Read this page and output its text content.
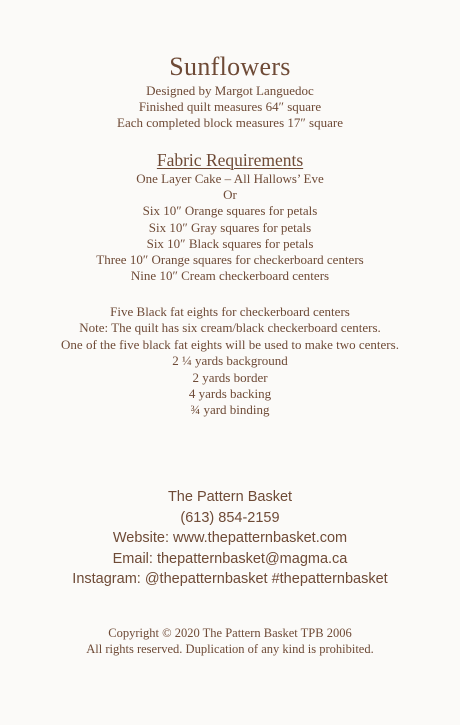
Sunflowers
Designed by Margot Languedoc
Finished quilt measures 64″ square
Each completed block measures 17″ square
Fabric Requirements
One Layer Cake – All Hallows’ Eve
Or
Six 10″ Orange squares for petals
Six 10″ Gray squares for petals
Six 10″ Black squares for petals
Three 10″ Orange squares for checkerboard centers
Nine 10″ Cream checkerboard centers
Five Black fat eights for checkerboard centers
Note: The quilt has six cream/black checkerboard centers.
One of the five black fat eights will be used to make two centers.
2 ¼ yards background
2 yards border
4 yards backing
¾ yard binding
The Pattern Basket
(613) 854-2159
Website: www.thepatternbasket.com
Email: thepatternbasket@magma.ca
Instagram: @thepatternbasket #thepatternbasket
Copyright © 2020 The Pattern Basket TPB 2006
All rights reserved. Duplication of any kind is prohibited.
